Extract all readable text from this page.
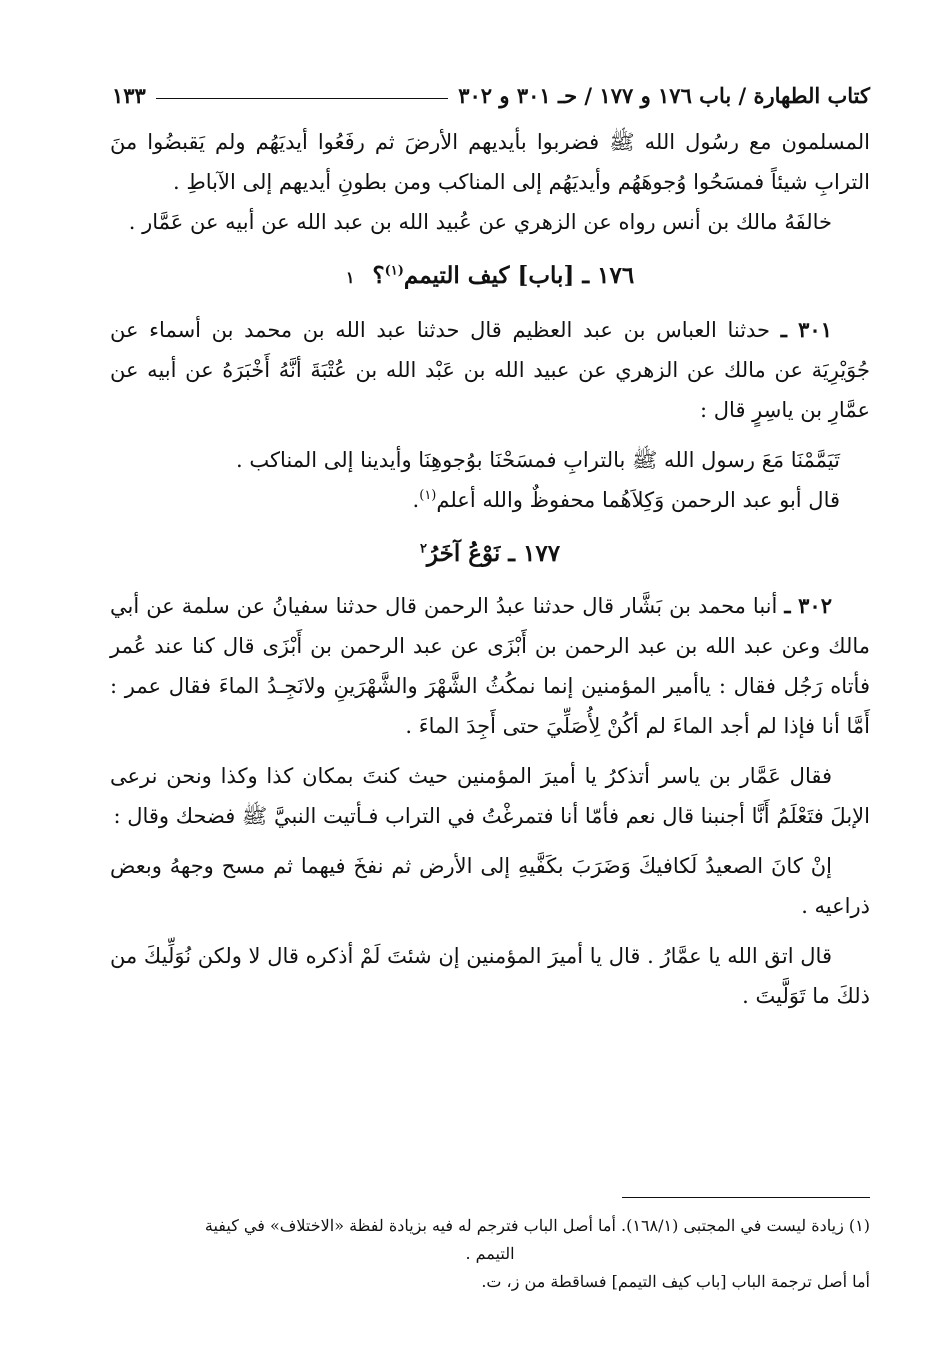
كتاب الطهارة / باب ١٧٦ و ١٧٧ / حـ ٣٠١ و ٣٠٢
١٣٣

المسلمون مع رسُول الله ﷺ فضربوا بأيديهم الأرضَ ثم رفَعُوا أيديَهُم ولم يَقبضُوا منَ الترابِ شيئاً فمسَحُوا وُجوهَهُم وأيديَهُم إلى المناكب ومن بطونِ أيديهم إلى الآباطِ .

خالفَهُ مالك بن أنس رواه عن الزهري عن عُبيد الله بن عبد الله عن أبيه عن عَمَّار .

١٧٦ ـ [باب] كيف التيمم$^{(١)}$؟١

٣٠١ ـ حدثنا العباس بن عبد العظيم قال حدثنا عبد الله بن محمد بن أسماء عن جُوَيْرِيَة عن مالك عن الزهري عن عبيد الله بن عَبْد الله بن عُتْبَةَ أنَّهُ أَخْبَرَهُ عن أبيه عن عمَّارِ بن ياسِرٍ قال :

تَيَمَّمْنَا مَعَ رسول الله ﷺ بالترابِ فمسَحْنَا بوُجوهِنَا وأيدينا إلى المناكب .

قال أبو عبد الرحمن وَكِلاَهُما محفوظٌ والله أعلم$^{(١)}$.

١٧٧ ـ نَوْعُ آخَرُ$^٢$

٣٠٢ ـ أنبا محمد بن بَشَّار قال حدثنا عبدُ الرحمن قال حدثنا سفيانُ عن سلمة عن أبي مالك وعن عبد الله بن عبد الرحمن بن أَبْزَى عن عبد الرحمن بن أَبْزَى قال كنا عند عُمر فأتاه رَجُل فقال : ياأمير المؤمنين إنما نمكُثُ الشَّهْرَ والشَّهْرَينِ ولانَجِـدُ الماءَ فقال عمر : أَمَّا أنا فإذا لم أجد الماءَ لم أكُنْ لِأُصَلِّيَ حتى أَجِدَ الماءَ .

فقال عَمَّار بن ياسر أتذكرُ يا أميرَ المؤمنين حيث كنتَ بمكان كذا وكذا ونحن نرعى الإبلَ فتَعْلَمُ أَنَّا أجنبنا قال نعم فأمّا أنا فتمرغْتُ في التراب فـأتيت النبيَّ ﷺ فضحك وقال :

إنْ كانَ الصعيدُ لَكافيكَ وَضَرَبَ بكَفَّيهِ إلى الأرض ثم نفخَ فيهما ثم مسح وجههُ وبعض ذراعيه .

قال اتق الله يا عمَّارُ . قال يا أميرَ المؤمنين إن شئتَ لَمْ أذكره قال لا ولكن نُوَلِّيكَ من ذلكَ ما تَوَلَّيتَ .

(١) زيادة ليست في المجتبى (١٦٨/١). أما أصل الباب فترجم له فيه بزيادة لفظة «الاختلاف» في كيفية

التيمم .

أما أصل ترجمة الباب [باب كيف التيمم] فساقطة من ز، ت.
